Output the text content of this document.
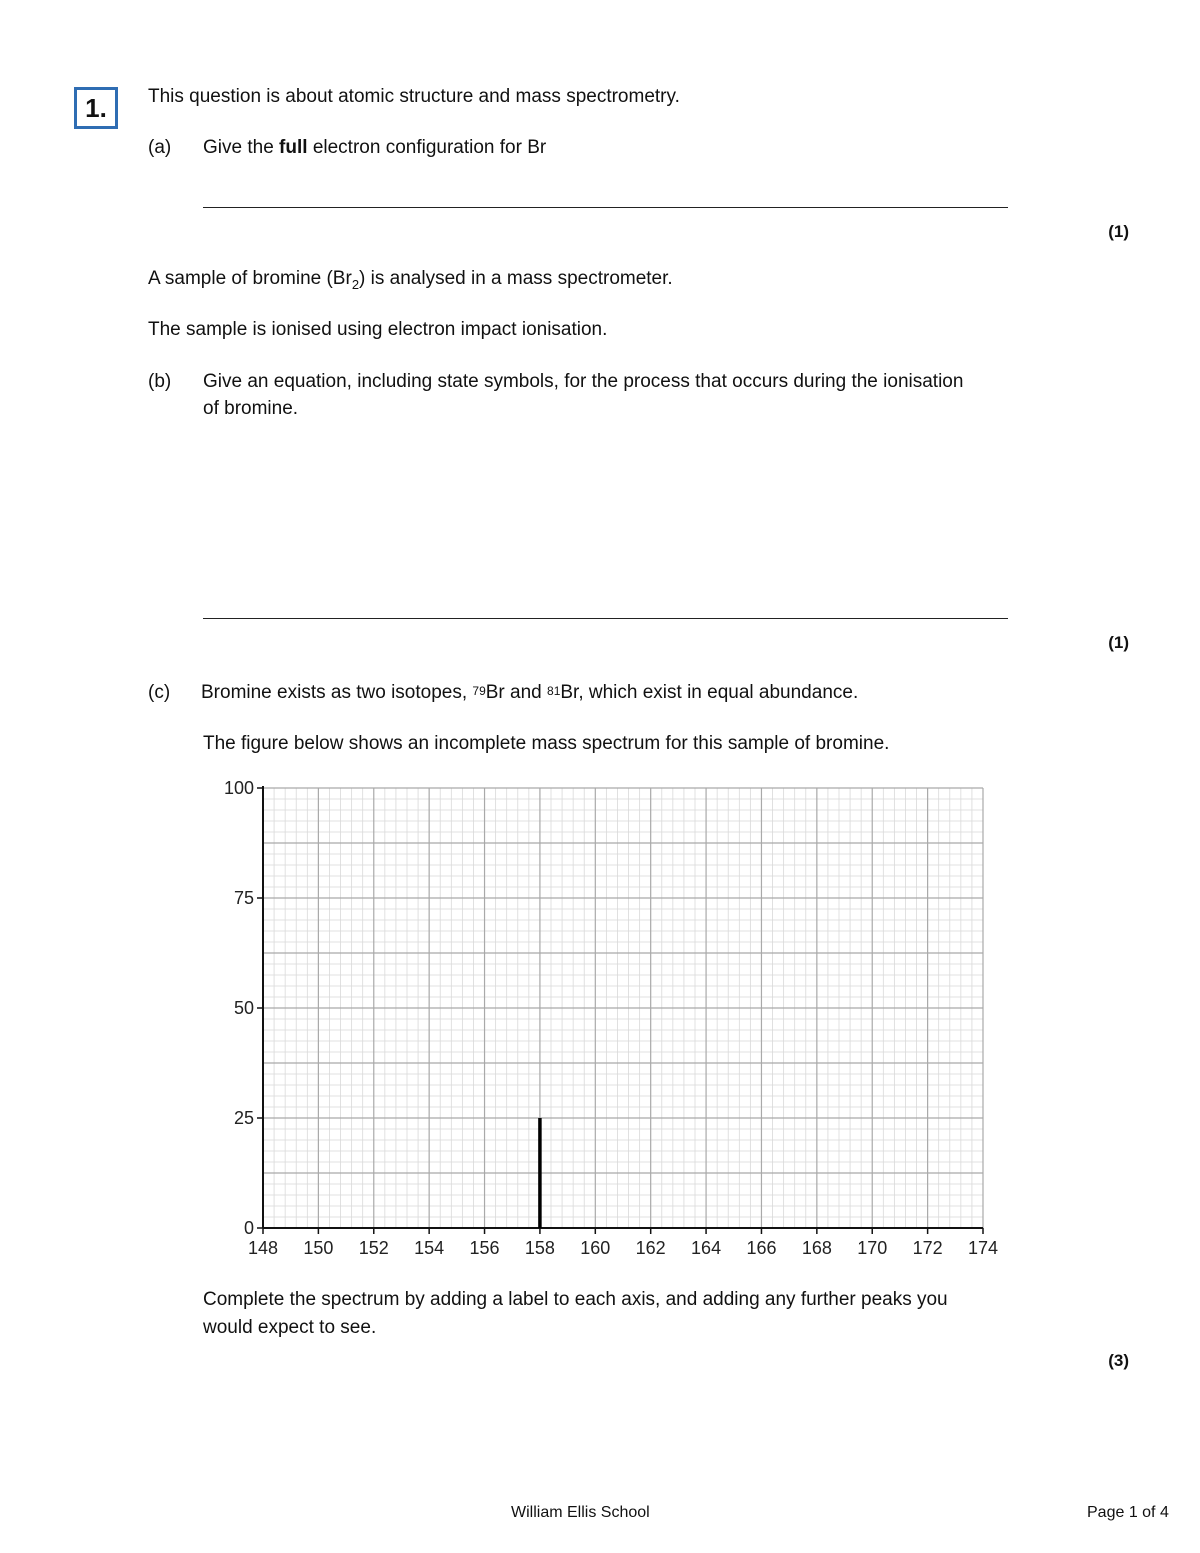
1.	This question is about atomic structure and mass spectrometry.
(a) Give the full electron configuration for Br
(1)
A sample of bromine $(Br_2)$ is analysed in a mass spectrometer.
The sample is ionised using electron impact ionisation.
(b) Give an equation, including state symbols, for the process that occurs during the ionisation
of bromine.
(1)
(c) Bromine exists as two isotopes, $^{79}$Br and $^{81}$Br, which exist in equal abundance.
The figure below shows an incomplete mass spectrum for this sample of bromine.
148 150 152 154 156 158 160 162 164 166 168 170 172 174
0
25
50
75
100
Complete the spectrum by adding a label to each axis, and adding any further peaks you
would expect to see.
(3)
William Ellis School	Page 1 of 4
